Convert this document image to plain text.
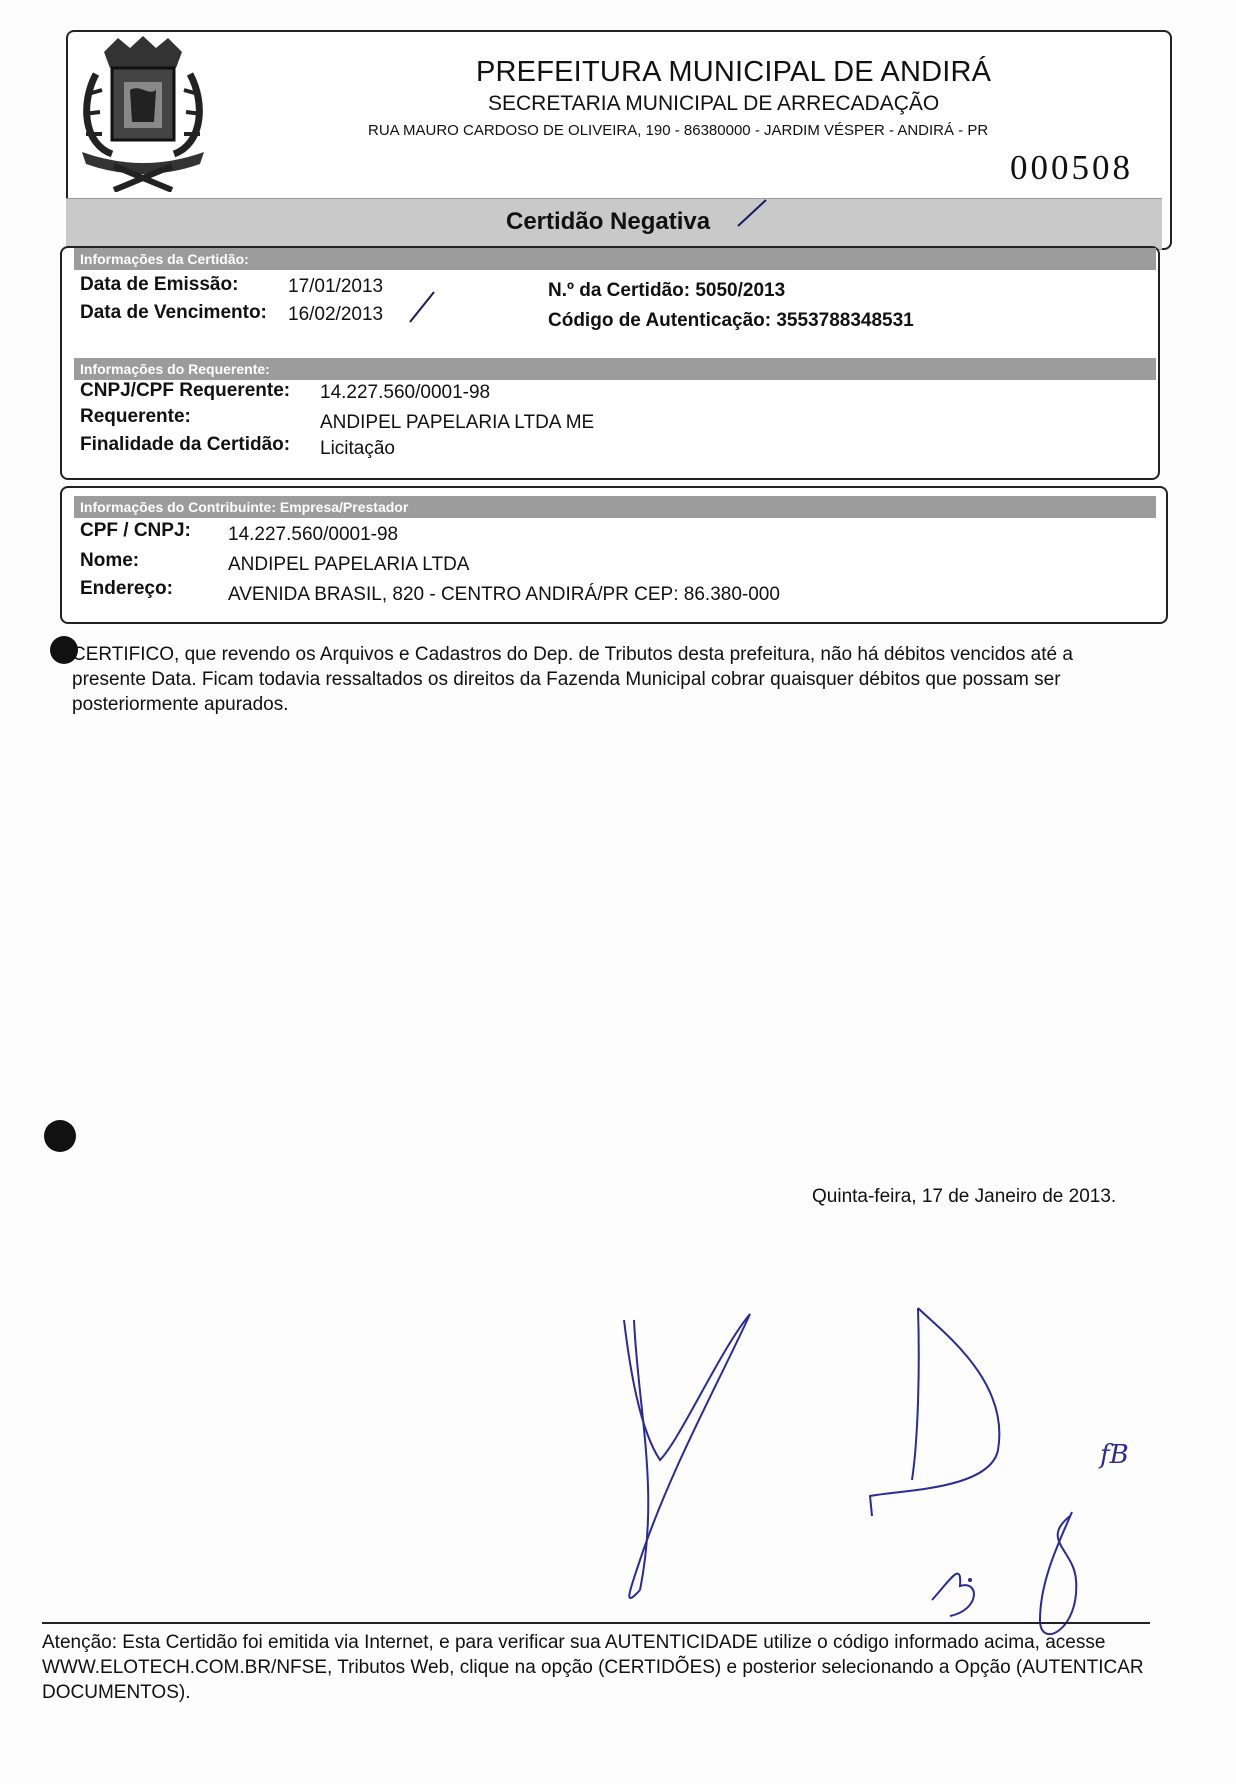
PREFEITURA MUNICIPAL DE ANDIRÁ
SECRETARIA MUNICIPAL DE ARRECADAÇÃO
RUA MAURO CARDOSO DE OLIVEIRA, 190 - 86380000 - JARDIM VÉSPER - ANDIRÁ - PR
000508
Certidão Negativa
Informações da Certidão:
Data de Emissão:	17/01/2013
Data de Vencimento: 16/02/2013
N.º da Certidão: 5050/2013
Código de Autenticação: 3553788348531
Informações do Requerente:
CNPJ/CPF Requerente: 14.227.560/0001-98
Requerente:	ANDIPEL PAPELARIA LTDA ME
Finalidade da Certidão: Licitação
Informações do Contribuinte: Empresa/Prestador
CPF / CNPJ: 14.227.560/0001-98
Nome:	ANDIPEL PAPELARIA LTDA
Endereço:	AVENIDA BRASIL, 820 - CENTRO ANDIRÁ/PR CEP: 86.380-000
CERTIFICO, que revendo os Arquivos e Cadastros do Dep. de Tributos desta prefeitura, não há débitos vencidos até a presente Data. Ficam todavia ressaltados os direitos da Fazenda Municipal cobrar quaisquer débitos que possam ser posteriormente apurados.
Quinta-feira, 17 de Janeiro de 2013.
fB
Atenção: Esta Certidão foi emitida via Internet, e para verificar sua AUTENTICIDADE utilize o código informado acima, acesse WWW.ELOTECH.COM.BR/NFSE, Tributos Web, clique na opção (CERTIDÕES) e posterior selecionando a Opção (AUTENTICAR DOCUMENTOS).
